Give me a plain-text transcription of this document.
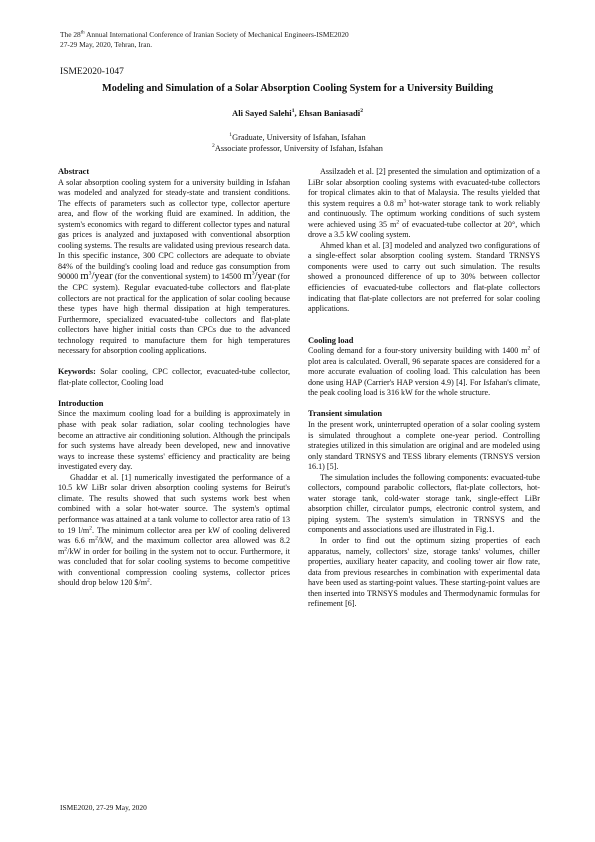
The 28th Annual International Conference of Iranian Society of Mechanical Engineers-ISME2020
27-29 May, 2020, Tehran, Iran.
ISME2020-1047
Modeling and Simulation of a Solar Absorption Cooling System for a University Building
Ali Sayed Salehi$^1$, Ehsan Baniasadi$^2$
$^1$Graduate, University of Isfahan, Isfahan
$^2$Associate professor, University of Isfahan, Isfahan
Abstract

A solar absorption cooling system for a university building in Isfahan was modeled and analyzed for steady-state and transient conditions. The effects of parameters such as collector type, collector aperture area, and flow of the working fluid are examined. In addition, the system's economics with regard to different collector types and natural gas prices is analyzed and juxtaposed with conventional absorption cooling systems. The results are validated using previous research data. In this specific instance, 300 CPC collectors are adequate to obviate 84% of the building's cooling load and reduce gas consumption from 90000 $m^3$/year (for the conventional system) to 14500 $m^3$/year (for the CPC system). Regular evacuated-tube collectors and flat-plate collectors are not practical for the application of solar cooling because these types have high thermal dissipation at high temperatures. Furthermore, specialized evacuated-tube collectors and flat-plate collectors have higher initial costs than CPCs due to the advanced technology required to manufacture them for high temperatures necessary for absorption cooling applications.

Keywords: Solar cooling, CPC collector, evacuated-tube collector, flat-plate collector, Cooling load

Introduction

Since the maximum cooling load for a building is approximately in phase with peak solar radiation, solar cooling technologies have become an attractive air conditioning solution. Although the principals for such systems have already been developed, new and innovative ways to increase these systems' efficiency and practicality are being investigated every day.

Ghaddar et al. [1] numerically investigated the performance of a 10.5 kW LiBr solar driven absorption cooling systems for Beirut's climate. The results showed that such systems work best when combined with a solar hot-water source. The system's optimal performance was attained at a tank volume to collector area ratio of 13 to 19 $l/m^2$. The minimum collector area per kW of cooling delivered was 6.6 $m^2/kW$, and the maximum collector area allowed was 8.2 $m^2/kW$ in order for boiling in the system not to occur. Furthermore, it was concluded that for solar cooling systems to become competitive with conventional compression cooling systems, collector prices should drop below 120 $\$/m^2$.

Assilzadeh et al. [2] presented the simulation and optimization of a LiBr solar absorption cooling systems with evacuated-tube collectors for tropical climates akin to that of Malaysia. The results yielded that this system requires a 0.8 $m^3$ hot-water storage tank to work reliably and continuously. The optimum working conditions of such system were achieved using 35 $m^2$ of evacuated-tube collector at 20°, which drove a 3.5 kW cooling system.

Ahmed khan et al. [3] modeled and analyzed two configurations of a single-effect solar absorption cooling system. Standard TRNSYS components were used to carry out such simulation. The results showed a pronounced difference of up to 30% between collector efficiencies of evacuated-tube collectors and flat-plate collectors indicating that flat-plate collectors are not preferred for solar cooling applications.

Cooling load

Cooling demand for a four-story university building with 1400 $m^2$ of plot area is calculated. Overall, 96 separate spaces are considered for a more accurate evaluation of cooling load. This calculation has been done using HAP (Carrier's HAP version 4.9) [4]. For Isfahan's climate, the peak cooling load is 316 kW for the whole structure.

Transient simulation

In the present work, uninterrupted operation of a solar cooling system is simulated throughout a complete one-year period. Controlling strategies utilized in this simulation are original and are modeled using only standard TRNSYS and TESS library elements (TRNSYS version 16.1) [5].

The simulation includes the following components: evacuated-tube collectors, compound parabolic collectors, flat-plate collectors, hot-water storage tank, cold-water storage tank, single-effect LiBr absorption chiller, circulator pumps, electronic control system, and piping system. The system's simulation in TRNSYS and the components and associations used are illustrated in Fig.1.

In order to find out the optimum sizing properties of each apparatus, namely, collectors' size, storage tanks' volumes, chiller properties, auxiliary heater capacity, and cooling tower air flow rate, data from previous researches in combination with experimental data have been used as starting-point values. These starting-point values are then inserted into TRNSYS modules and Thermodynamic formulas for refinement [6].

ISME2020, 27-29 May, 2020
